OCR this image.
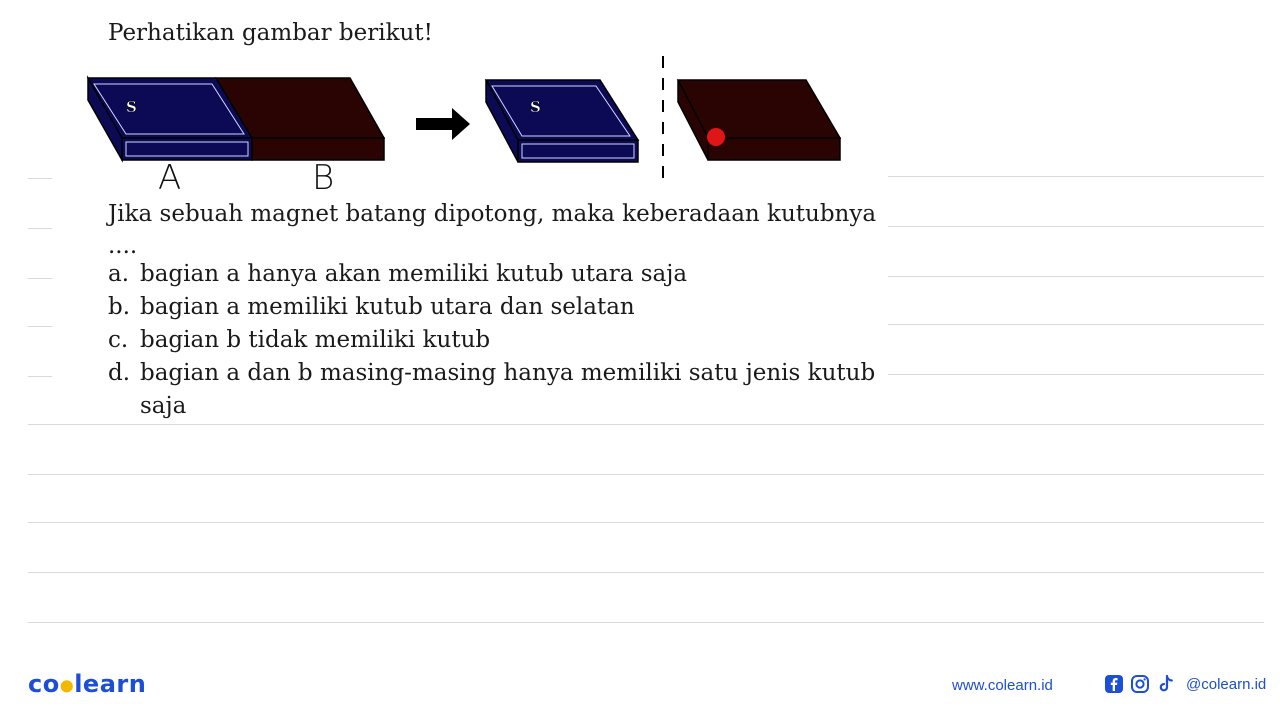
Perhatikan gambar berikut!
S	S
A	B
Jika sebuah magnet batang dipotong, maka keberadaan kutubnya ....
a. bagian a hanya akan memiliki kutub utara saja
b. bagian a memiliki kutub utara dan selatan
c. bagian b tidak memiliki kutub
d. bagian a dan b masing-masing hanya memiliki satu jenis kutub saja
co●learn	www.colearn.id	@colearn.id
